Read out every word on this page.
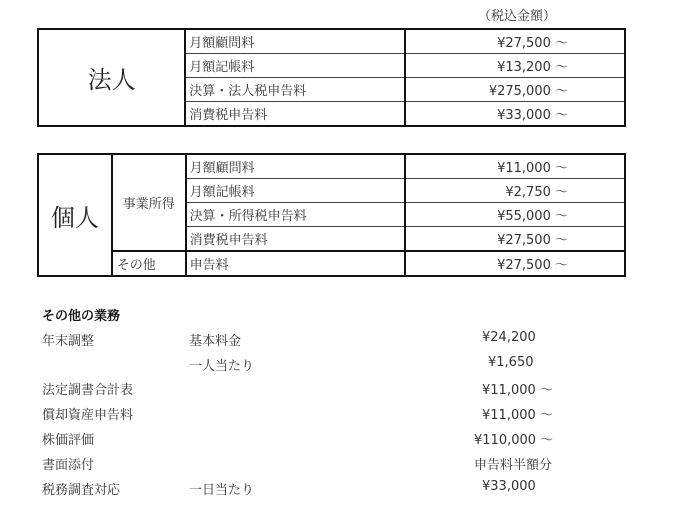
（税込金額）
法人	月額顧問料	¥27,500 ～
	月額記帳料	¥13,200 ～
	決算・法人税申告料	¥275,000 ～
	消費税申告料	¥33,000 ～
個人	事業所得	月額顧問料	¥11,000 ～
		月額記帳料	¥2,750 ～
		決算・所得税申告料	¥55,000 ～
		消費税申告料	¥27,500 ～
	その他	申告料	¥27,500 ～
その他の業務
年末調整	基本料金	¥24,200
一人当たり	¥1,650
法定調書合計表	¥11,000 ～
償却資産申告料	¥11,000 ～
株価評価	¥110,000 ～
書面添付	申告料半額分
税務調査対応	一日当たり	¥33,000
